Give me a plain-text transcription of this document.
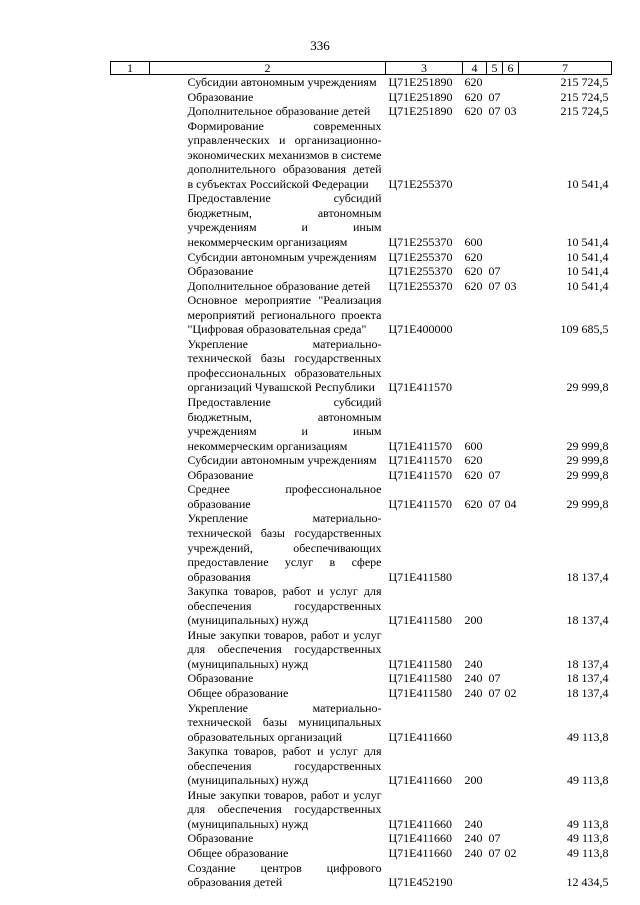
336
1	2	3	4	5	6	7
	Субсидии автономным учреждениям	Ц71Е251890	620			215 724,5
	Образование	Ц71Е251890	620	07		215 724,5
	Дополнительное образование детей	Ц71Е251890	620	07	03	215 724,5
	Формирование современных управленческих и организационно-экономических механизмов в системе дополнительного образования детей в субъектах Российской Федерации	Ц71Е255370				10 541,4
	Предоставление субсидий бюджетным, автономным учреждениям и иным некоммерческим организациям	Ц71Е255370	600			10 541,4
	Субсидии автономным учреждениям	Ц71Е255370	620			10 541,4
	Образование	Ц71Е255370	620	07		10 541,4
	Дополнительное образование детей	Ц71Е255370	620	07	03	10 541,4
	Основное мероприятие "Реализация мероприятий регионального проекта "Цифровая образовательная среда"	Ц71Е400000				109 685,5
	Укрепление материально-технической базы государственных профессиональных образовательных организаций Чувашской Республики	Ц71Е411570				29 999,8
	Предоставление субсидий бюджетным, автономным учреждениям и иным некоммерческим организациям	Ц71Е411570	600			29 999,8
	Субсидии автономным учреждениям	Ц71Е411570	620			29 999,8
	Образование	Ц71Е411570	620	07		29 999,8
	Среднее профессиональное образование	Ц71Е411570	620	07	04	29 999,8
	Укрепление материально-технической базы государственных учреждений, обеспечивающих предоставление услуг в сфере образования	Ц71Е411580				18 137,4
	Закупка товаров, работ и услуг для обеспечения государственных (муниципальных) нужд	Ц71Е411580	200			18 137,4
	Иные закупки товаров, работ и услуг для обеспечения государственных (муниципальных) нужд	Ц71Е411580	240			18 137,4
	Образование	Ц71Е411580	240	07		18 137,4
	Общее образование	Ц71Е411580	240	07	02	18 137,4
	Укрепление материально-технической базы муниципальных образовательных организаций	Ц71Е411660				49 113,8
	Закупка товаров, работ и услуг для обеспечения государственных (муниципальных) нужд	Ц71Е411660	200			49 113,8
	Иные закупки товаров, работ и услуг для обеспечения государственных (муниципальных) нужд	Ц71Е411660	240			49 113,8
	Образование	Ц71Е411660	240	07		49 113,8
	Общее образование	Ц71Е411660	240	07	02	49 113,8
	Создание центров цифрового образования детей	Ц71Е452190				12 434,5
